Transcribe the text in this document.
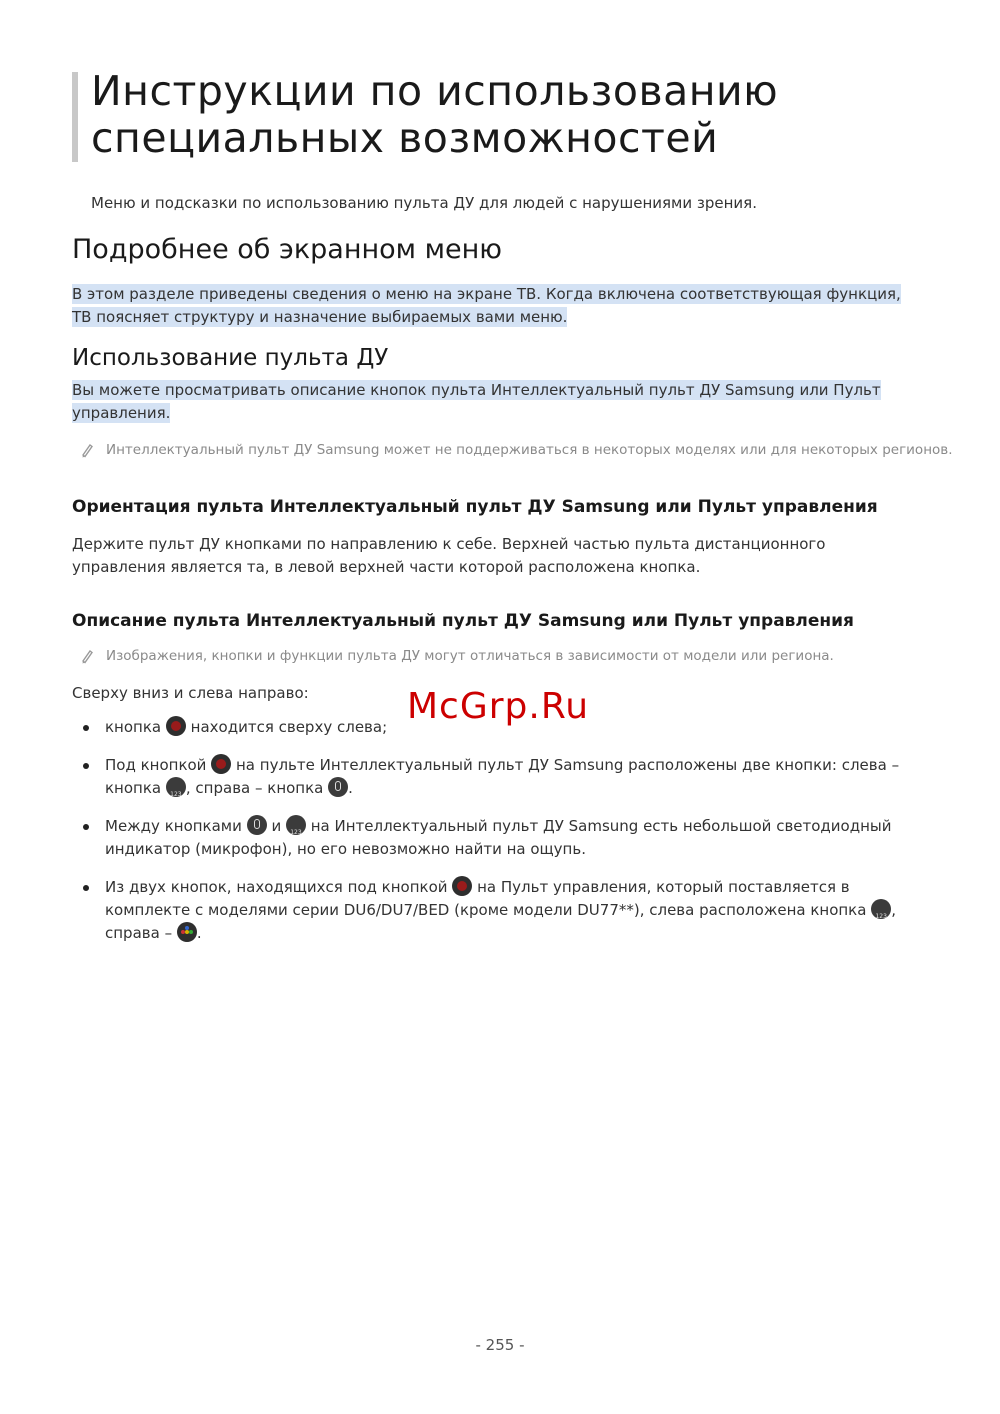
Инструкции по использованию специальных возможностей

Меню и подсказки по использованию пульта ДУ для людей с нарушениями зрения.

Подробнее об экранном меню

В этом разделе приведены сведения о меню на экране ТВ. Когда включена соответствующая функция, ТВ поясняет структуру и назначение выбираемых вами меню.

Использование пульта ДУ

Вы можете просматривать описание кнопок пульта Интеллектуальный пульт ДУ Samsung или Пульт управления.

Интеллектуальный пульт ДУ Samsung может не поддерживаться в некоторых моделях или для некоторых регионов.

Ориентация пульта Интеллектуальный пульт ДУ Samsung или Пульт управления

Держите пульт ДУ кнопками по направлению к себе. Верхней частью пульта дистанционного управления является та, в левой верхней части которой расположена кнопка.

Описание пульта Интеллектуальный пульт ДУ Samsung или Пульт управления

Изображения, кнопки и функции пульта ДУ могут отличаться в зависимости от модели или региона.

Сверху вниз и слева направо:	McGrp.Ru

кнопка находится сверху слева;
Под кнопкой на пульте Интеллектуальный пульт ДУ Samsung расположены две кнопки: слева – кнопка 123 , справа – кнопка .
Между кнопками и 123 на Интеллектуальный пульт ДУ Samsung есть небольшой светодиодный индикатор (микрофон), но его невозможно найти на ощупь.
Из двух кнопок, находящихся под кнопкой на Пульт управления, который поставляется в комплекте с моделями серии DU6/DU7/BED (кроме модели DU77**), слева расположена кнопка 123 , справа – .

- 255 -
